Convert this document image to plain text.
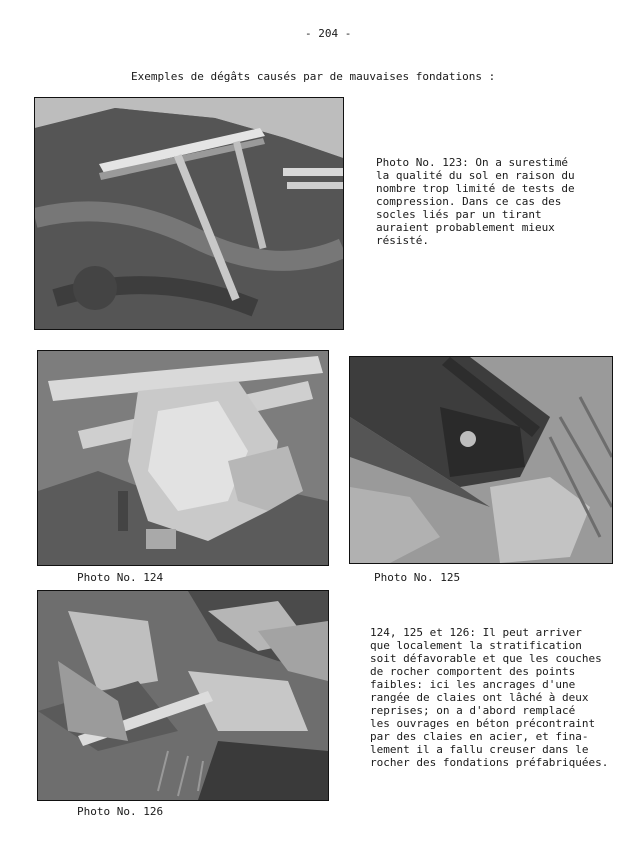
- 204 -
Exemples de dégâts causés par de mauvaises fondations :
Photo No. 123: On a surestimé
la qualité du sol en raison du
nombre trop limité de tests de
compression. Dans ce cas des
socles liés par un tirant
auraient probablement mieux
résisté.
Photo No. 124	Photo No. 125
Photo No. 126
124, 125 et 126: Il peut arriver
que localement la stratification
soit défavorable et que les couches
de rocher comportent des points
faibles: ici les ancrages d'une
rangée de claies ont lâché à deux
reprises; on a d'abord remplacé
les ouvrages en béton précontraint
par des claies en acier, et fina-
lement il a fallu creuser dans le
rocher des fondations préfabriquées.
